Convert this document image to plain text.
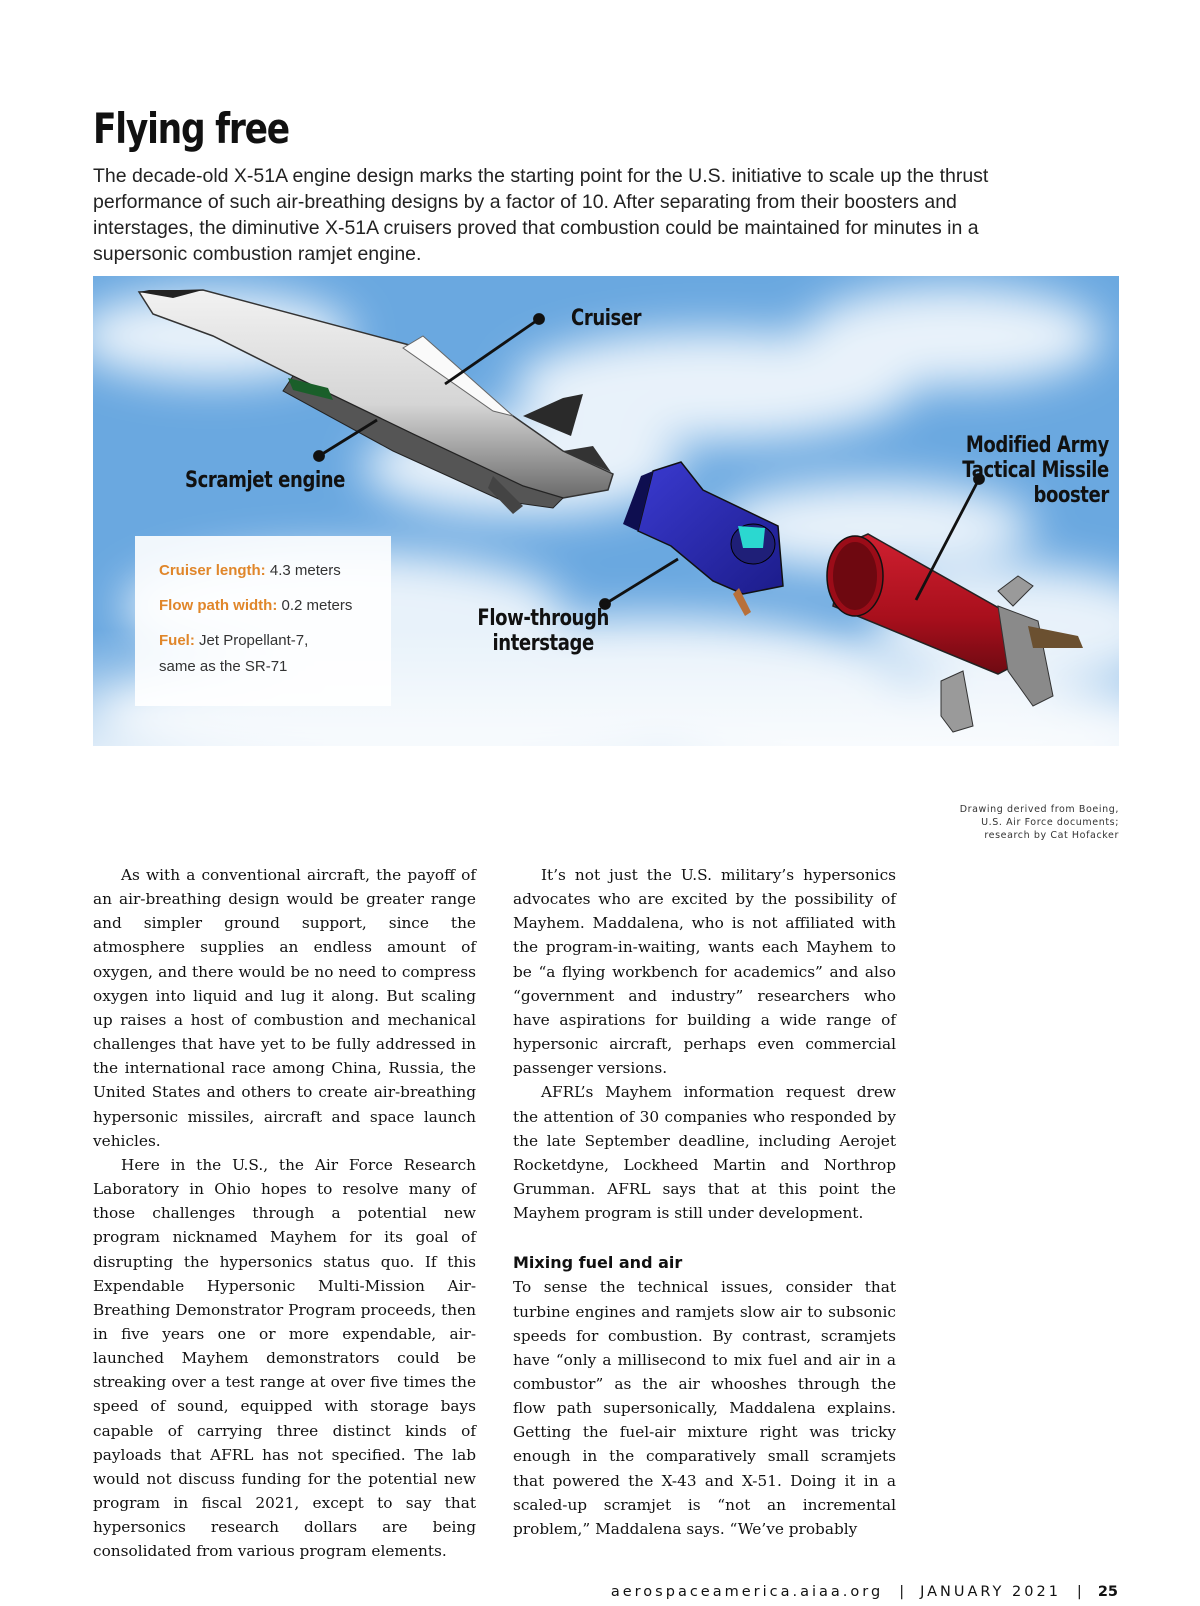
Flying free

The decade-old X-51A engine design marks the starting point for the U.S. initiative to scale up the thrust performance of such air-breathing designs by a factor of 10. After separating from their boosters and interstages, the diminutive X-51A cruisers proved that combustion could be maintained for minutes in a supersonic combustion ramjet engine.

Cruiser
Scramjet engine
Flow-through
interstage
Modified Army
Tactical Missile
booster
Cruiser length: 4.3 meters
Flow path width: 0.2 meters
Fuel: Jet Propellant-7,
same as the SR-71
Drawing derived from Boeing,
U.S. Air Force documents;
research by Cat Hofacker

As with a conventional aircraft, the payoff of an air-breathing design would be greater range and simpler ground support, since the atmosphere supplies an endless amount of oxygen, and there would be no need to compress oxygen into liquid and lug it along. But scaling up raises a host of combustion and mechanical challenges that have yet to be fully addressed in the international race among China, Russia, the United States and others to create air-breathing hypersonic missiles, aircraft and space launch vehicles.

Here in the U.S., the Air Force Research Laboratory in Ohio hopes to resolve many of those challenges through a potential new program nicknamed Mayhem for its goal of disrupting the hypersonics status quo. If this Expendable Hypersonic Multi-Mission Air-Breathing Demonstrator Program proceeds, then in five years one or more expendable, air-launched Mayhem demonstrators could be streaking over a test range at over five times the speed of sound, equipped with storage bays capable of carrying three distinct kinds of payloads that AFRL has not specified. The lab would not discuss funding for the potential new program in fiscal 2021, except to say that hypersonics research dollars are being consolidated from various program elements.

It’s not just the U.S. military’s hypersonics advocates who are excited by the possibility of Mayhem. Maddalena, who is not affiliated with the program-in-waiting, wants each Mayhem to be “a flying workbench for academics” and also “government and industry” researchers who have aspirations for building a wide range of hypersonic aircraft, perhaps even commercial passenger versions.

AFRL’s Mayhem information request drew the attention of 30 companies who responded by the late September deadline, including Aerojet Rocketdyne, Lockheed Martin and Northrop Grumman. AFRL says that at this point the Mayhem program is still under development.

Mixing fuel and air

To sense the technical issues, consider that turbine engines and ramjets slow air to subsonic speeds for combustion. By contrast, scramjets have “only a millisecond to mix fuel and air in a combustor” as the air whooshes through the flow path supersonically, Maddalena explains. Getting the fuel-air mixture right was tricky enough in the comparatively small scramjets that powered the X-43 and X-51. Doing it in a scaled-up scramjet is “not an incremental problem,” Maddalena says. “We’ve probably

aerospaceamerica.aiaa.org | JANUARY 2021 | 25
